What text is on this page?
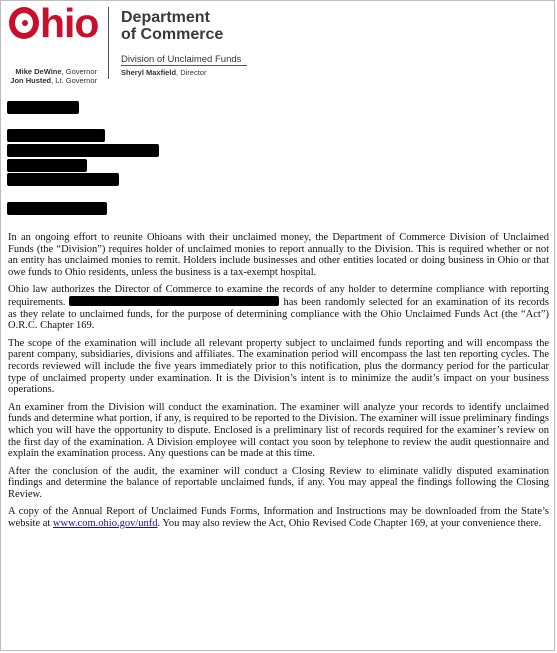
hio Department
of Commerce
Division of Unclaimed Funds
Sheryl Maxfield, Director
Mike DeWine, Governor
Jon Husted, Lt. Governor

In an ongoing effort to reunite Ohioans with their unclaimed money, the Department of Commerce Division of Unclaimed Funds (the “Division”) requires holder of unclaimed monies to report annually to the Division. This is required whether or not an entity has unclaimed monies to remit. Holders include businesses and other entities located or doing business in Ohio or that owe funds to Ohio residents, unless the business is a tax-exempt hospital.

Ohio law authorizes the Director of Commerce to examine the records of any holder to determine compliance with reporting requirements.	has been randomly selected for an examination of its records as they relate to unclaimed funds, for the purpose of determining compliance with the Ohio Unclaimed Funds Act (the “Act”) O.R.C. Chapter 169.

The scope of the examination will include all relevant property subject to unclaimed funds reporting and will encompass the parent company, subsidiaries, divisions and affiliates. The examination period will encompass the last ten reporting cycles. The records reviewed will include the five years immediately prior to this notification, plus the dormancy period for the particular type of unclaimed property under examination. It is the Division’s intent is to minimize the audit’s impact on your business operations.

An examiner from the Division will conduct the examination. The examiner will analyze your records to identify unclaimed funds and determine what portion, if any, is required to be reported to the Division. The examiner will issue preliminary findings which you will have the opportunity to dispute. Enclosed is a preliminary list of records required for the examiner’s review on the first day of the examination. A Division employee will contact you soon by telephone to review the audit questionnaire and explain the examination process. Any questions can be made at this time.

After the conclusion of the audit, the examiner will conduct a Closing Review to eliminate validly disputed examination findings and determine the balance of reportable unclaimed funds, if any. You may appeal the findings following the Closing Review.

A copy of the Annual Report of Unclaimed Funds Forms, Information and Instructions may be downloaded from the State’s website at www.com.ohio.gov/unfd. You may also review the Act, Ohio Revised Code Chapter 169, at your convenience there.
